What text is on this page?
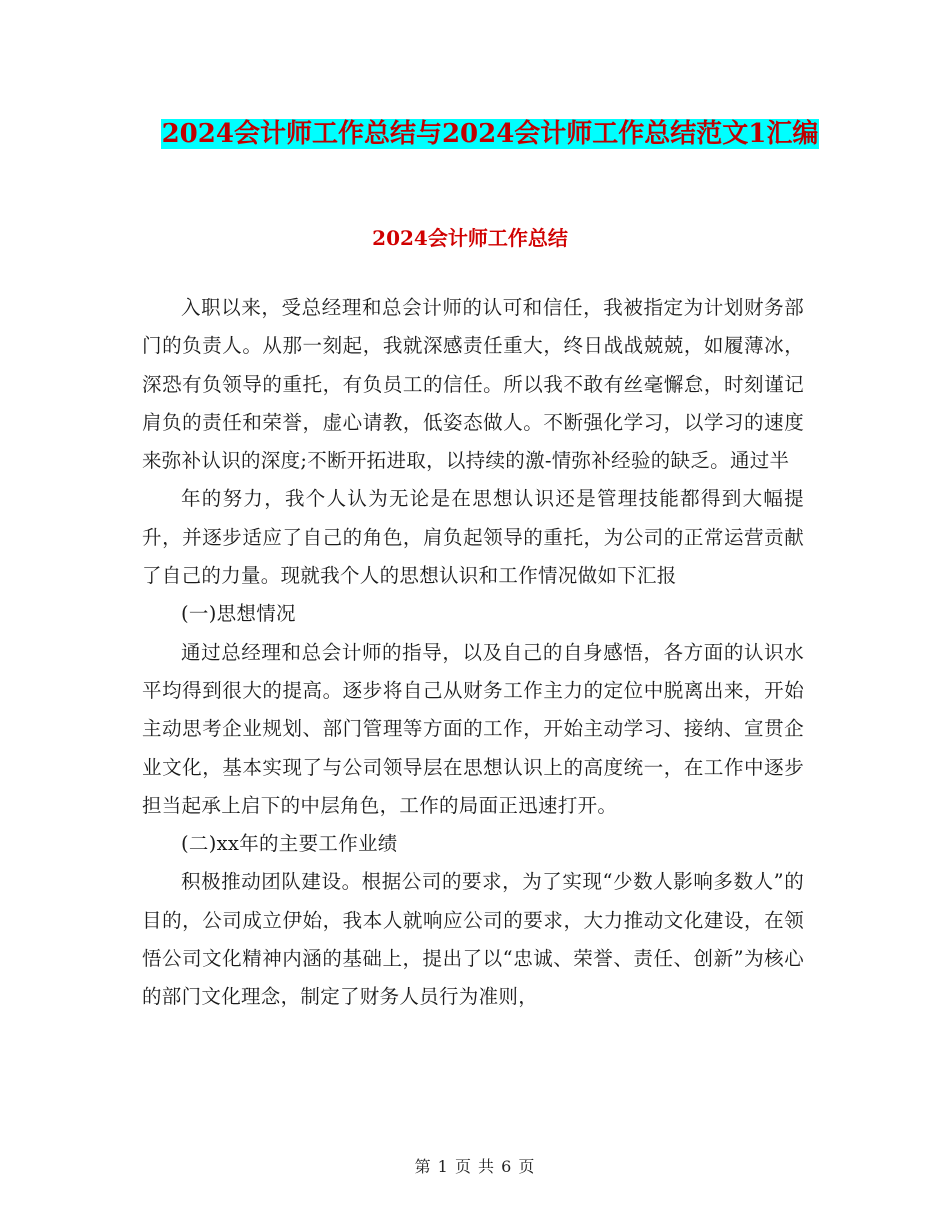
2024会计师工作总结与2024会计师工作总结范文1汇编
2024会计师工作总结

入职以来，受总经理和总会计师的认可和信任，我被指定为计划财务部门的负责人。从那一刻起，我就深感责任重大，终日战战兢兢，如履薄冰，深恐有负领导的重托，有负员工的信任。所以我不敢有丝毫懈怠，时刻谨记肩负的责任和荣誉，虚心请教，低姿态做人。不断强化学习，以学习的速度来弥补认识的深度;不断开拓进取，以持续的激-情弥补经验的缺乏。通过半

年的努力，我个人认为无论是在思想认识还是管理技能都得到大幅提升，并逐步适应了自己的角色，肩负起领导的重托，为公司的正常运营贡献了自己的力量。现就我个人的思想认识和工作情况做如下汇报

(一)思想情况

通过总经理和总会计师的指导，以及自己的自身感悟，各方面的认识水平均得到很大的提高。逐步将自己从财务工作主力的定位中脱离出来，开始主动思考企业规划、部门管理等方面的工作，开始主动学习、接纳、宣贯企业文化，基本实现了与公司领导层在思想认识上的高度统一，在工作中逐步担当起承上启下的中层角色，工作的局面正迅速打开。

(二)xx年的主要工作业绩

积极推动团队建设。根据公司的要求，为了实现“少数人影响多数人”的目的，公司成立伊始，我本人就响应公司的要求，大力推动文化建设，在领悟公司文化精神内涵的基础上，提出了以“忠诚、荣誉、责任、创新”为核心的部门文化理念，制定了财务人员行为准则，

第 1 页 共 6 页
